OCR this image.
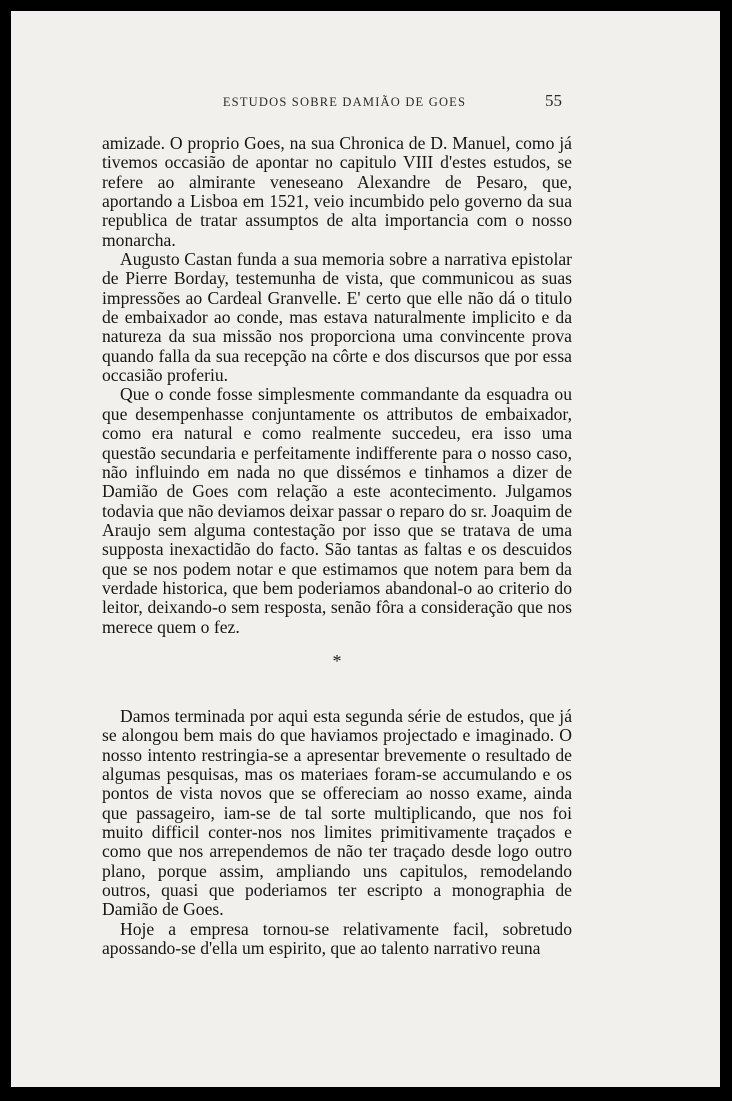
ESTUDOS SOBRE DAMIÃO DE GOES	55

amizade. O proprio Goes, na sua Chronica de D. Manuel, como já tivemos occasião de apontar no capitulo VIII d'estes estudos, se refere ao almirante veneseano Alexandre de Pesaro, que, aportando a Lisboa em 1521, veio incumbido pelo governo da sua republica de tratar assumptos de alta importancia com o nosso monarcha.

Augusto Castan funda a sua memoria sobre a narrativa epistolar de Pierre Borday, testemunha de vista, que communicou as suas impressões ao Cardeal Granvelle. E' certo que elle não dá o titulo de embaixador ao conde, mas estava naturalmente implicito e da natureza da sua missão nos proporciona uma convincente prova quando falla da sua recepção na côrte e dos discursos que por essa occasião proferiu.

Que o conde fosse simplesmente commandante da esquadra ou que desempenhasse conjuntamente os attributos de embaixador, como era natural e como realmente succedeu, era isso uma questão secundaria e perfeitamente indifferente para o nosso caso, não influindo em nada no que dissémos e tinhamos a dizer de Damião de Goes com relação a este acontecimento. Julgamos todavia que não deviamos deixar passar o reparo do sr. Joaquim de Araujo sem alguma contestação por isso que se tratava de uma supposta inexactidão do facto. São tantas as faltas e os descuidos que se nos podem notar e que estimamos que notem para bem da verdade historica, que bem poderiamos abandonal-o ao criterio do leitor, deixando-o sem resposta, senão fôra a consideração que nos merece quem o fez.

*

Damos terminada por aqui esta segunda série de estudos, que já se alongou bem mais do que haviamos projectado e imaginado. O nosso intento restringia-se a apresentar brevemente o resultado de algumas pesquisas, mas os materiaes foram-se accumulando e os pontos de vista novos que se offereciam ao nosso exame, ainda que passageiro, iam-se de tal sorte multiplicando, que nos foi muito difficil conter-nos nos limites primitivamente traçados e como que nos arrependemos de não ter traçado desde logo outro plano, porque assim, ampliando uns capitulos, remodelando outros, quasi que poderiamos ter escripto a monographia de Damião de Goes.

Hoje a empresa tornou-se relativamente facil, sobretudo apossando-se d'ella um espirito, que ao talento narrativo reuna
